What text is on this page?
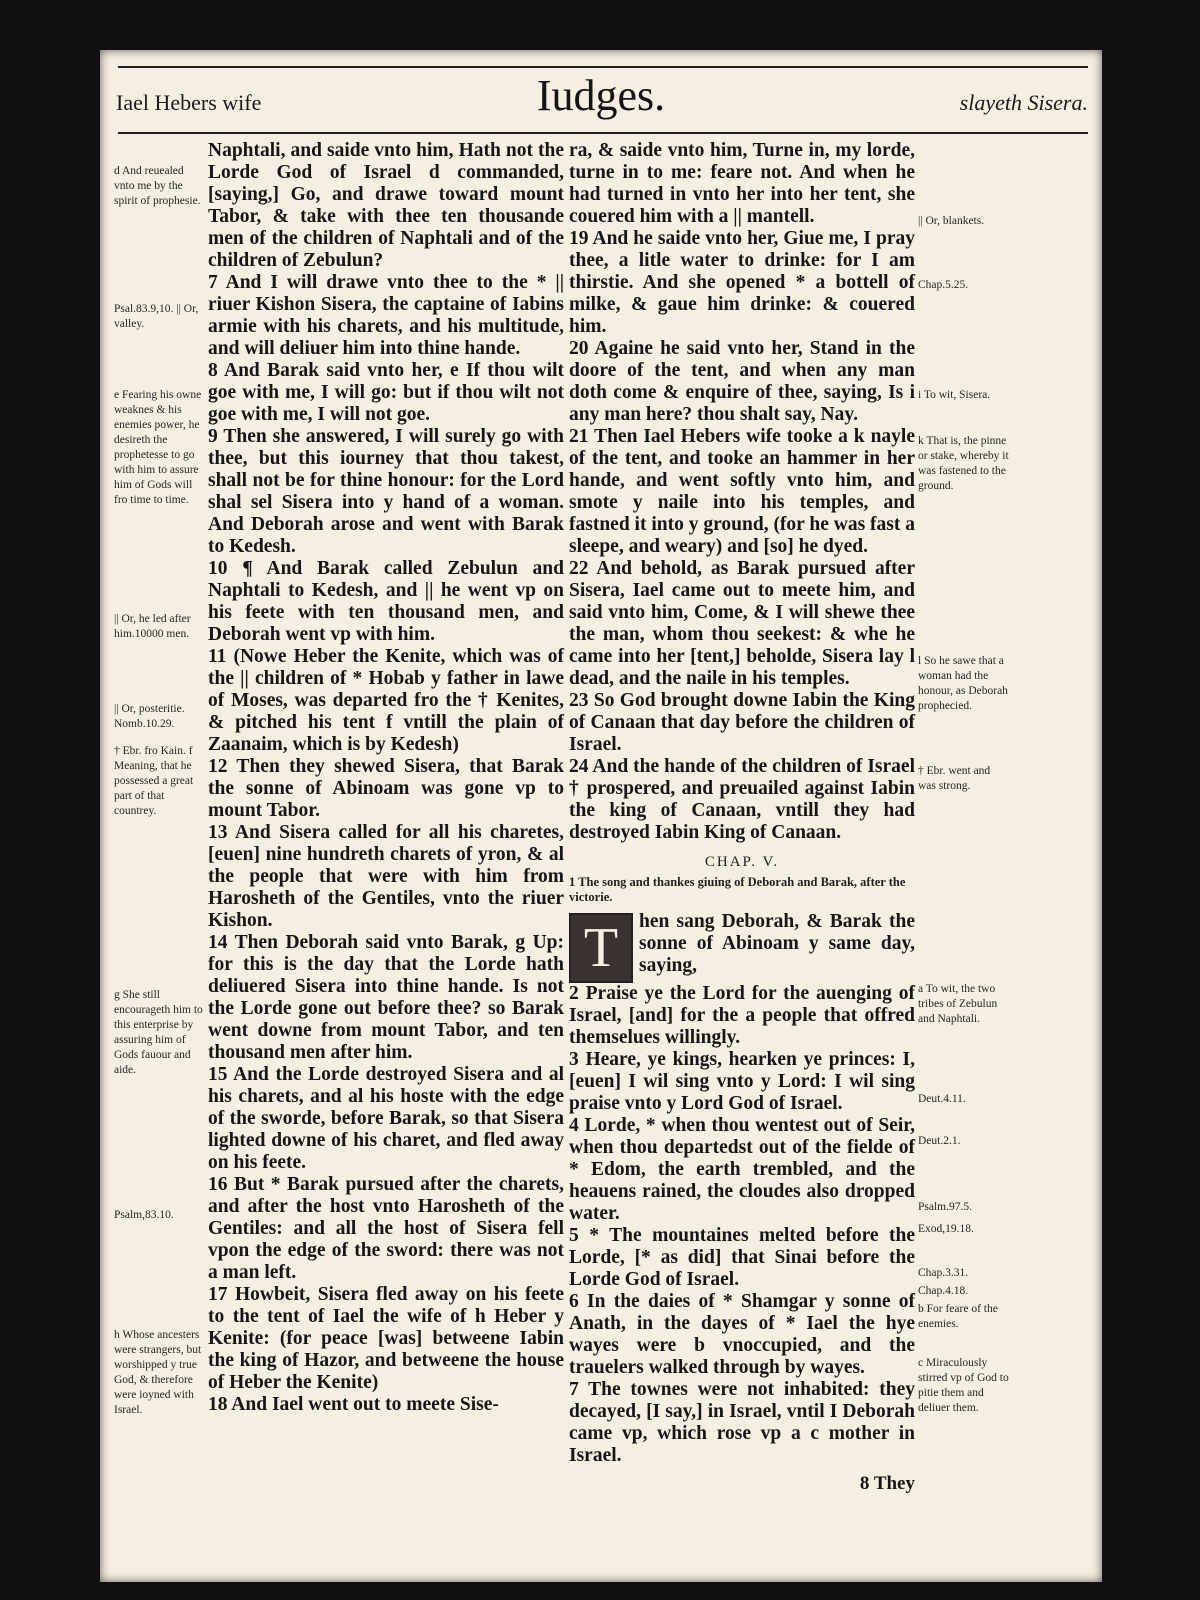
Iael Hebers wife	Iudges.	slayeth Sisera.
d And reuealed vnto me by the spirit of prophesie.
Psal.83.9,10. || Or, valley.
e Fearing his owne weaknes & his enemies power, he desireth the prophetesse to go with him to assure him of Gods will fro time to time.
|| Or, he led after him.10000 men.
|| Or, posteritie. Nomb.10.29.
† Ebr. fro Kain. f Meaning, that he possessed a great part of that countrey.
g She still encourageth him to this enterprise by assuring him of Gods fauour and aide.
Psalm,83.10.
h Whose ancesters were strangers, but worshipped y true God, & therefore were ioyned with Israel.

Naphtali, and saide vnto him, Hath not the Lorde God of Israel d commanded, [saying,] Go, and drawe toward mount Tabor, & take with thee ten thousande men of the children of Naphtali and of the children of Zebulun?

7 And I will drawe vnto thee to the * || riuer Kishon Sisera, the captaine of Iabins armie with his charets, and his multitude, and will deliuer him into thine hande.

8 And Barak said vnto her, e If thou wilt goe with me, I will go: but if thou wilt not goe with me, I will not goe.

9 Then she answered, I will surely go with thee, but this iourney that thou takest, shall not be for thine honour: for the Lord shal sel Sisera into y hand of a woman. And Deborah arose and went with Barak to Kedesh.

10 ¶ And Barak called Zebulun and Naphtali to Kedesh, and || he went vp on his feete with ten thousand men, and Deborah went vp with him.

11 (Nowe Heber the Kenite, which was of the || children of * Hobab y father in lawe of Moses, was departed fro the † Kenites, & pitched his tent f vntill the plain of Zaanaim, which is by Kedesh)

12 Then they shewed Sisera, that Barak the sonne of Abinoam was gone vp to mount Tabor.

13 And Sisera called for all his charetes, [euen] nine hundreth charets of yron, & al the people that were with him from Harosheth of the Gentiles, vnto the riuer Kishon.

14 Then Deborah said vnto Barak, g Up: for this is the day that the Lorde hath deliuered Sisera into thine hande. Is not the Lorde gone out before thee? so Barak went downe from mount Tabor, and ten thousand men after him.

15 And the Lorde destroyed Sisera and al his charets, and al his hoste with the edge of the sworde, before Barak, so that Sisera lighted downe of his charet, and fled away on his feete.

16 But * Barak pursued after the charets, and after the host vnto Harosheth of the Gentiles: and all the host of Sisera fell vpon the edge of the sword: there was not a man left.

17 Howbeit, Sisera fled away on his feete to the tent of Iael the wife of h Heber y Kenite: (for peace [was] betweene Iabin the king of Hazor, and betweene the house of Heber the Kenite)

18 And Iael went out to meete Sise-

ra, & saide vnto him, Turne in, my lorde, turne in to me: feare not. And when he had turned in vnto her into her tent, she couered him with a || mantell.

19 And he saide vnto her, Giue me, I pray thee, a litle water to drinke: for I am thirstie. And she opened * a bottell of milke, & gaue him drinke: & couered him.

20 Againe he said vnto her, Stand in the doore of the tent, and when any man doth come & enquire of thee, saying, Is i any man here? thou shalt say, Nay.

21 Then Iael Hebers wife tooke a k nayle of the tent, and tooke an hammer in her hande, and went softly vnto him, and smote y naile into his temples, and fastned it into y ground, (for he was fast a sleepe, and weary) and [so] he dyed.

22 And behold, as Barak pursued after Sisera, Iael came out to meete him, and said vnto him, Come, & I will shewe thee the man, whom thou seekest: & whe he came into her [tent,] beholde, Sisera lay l dead, and the naile in his temples.

23 So God brought downe Iabin the King of Canaan that day before the children of Israel.

24 And the hande of the children of Israel † prospered, and preuailed against Iabin the king of Canaan, vntill they had destroyed Iabin King of Canaan.

CHAP. V.

1 The song and thankes giuing of Deborah and Barak, after the victorie.

T	hen sang Deborah, & Barak the sonne of Abinoam y same day, saying,

2 Praise ye the Lord for the auenging of Israel, [and] for the a people that offred themselues willingly.

3 Heare, ye kings, hearken ye princes: I, [euen] I wil sing vnto y Lord: I wil sing praise vnto y Lord God of Israel.

4 Lorde, * when thou wentest out of Seir, when thou departedst out of the fielde of * Edom, the earth trembled, and the heauens rained, the cloudes also dropped water.

5 * The mountaines melted before the Lorde, [* as did] that Sinai before the Lorde God of Israel.

6 In the daies of * Shamgar y sonne of Anath, in the dayes of * Iael the hye wayes were b vnoccupied, and the trauelers walked through by wayes.

7 The townes were not inhabited: they decayed, [I say,] in Israel, vntil I Deborah came vp, which rose vp a c mother in Israel.

8 They
|| Or, blankets.
Chap.5.25.
i To wit, Sisera.
k That is, the pinne or stake, whereby it was fastened to the ground.
l So he sawe that a woman had the honour, as Deborah prophecied.
† Ebr. went and was strong.
a To wit, the two tribes of Zebulun and Naphtali.
Deut.4.11.
Deut.2.1.
Psalm.97.5.
Exod,19.18.
Chap.3.31.
Chap.4.18.
b For feare of the enemies.
c Miraculously stirred vp of God to pitie them and deliuer them.
